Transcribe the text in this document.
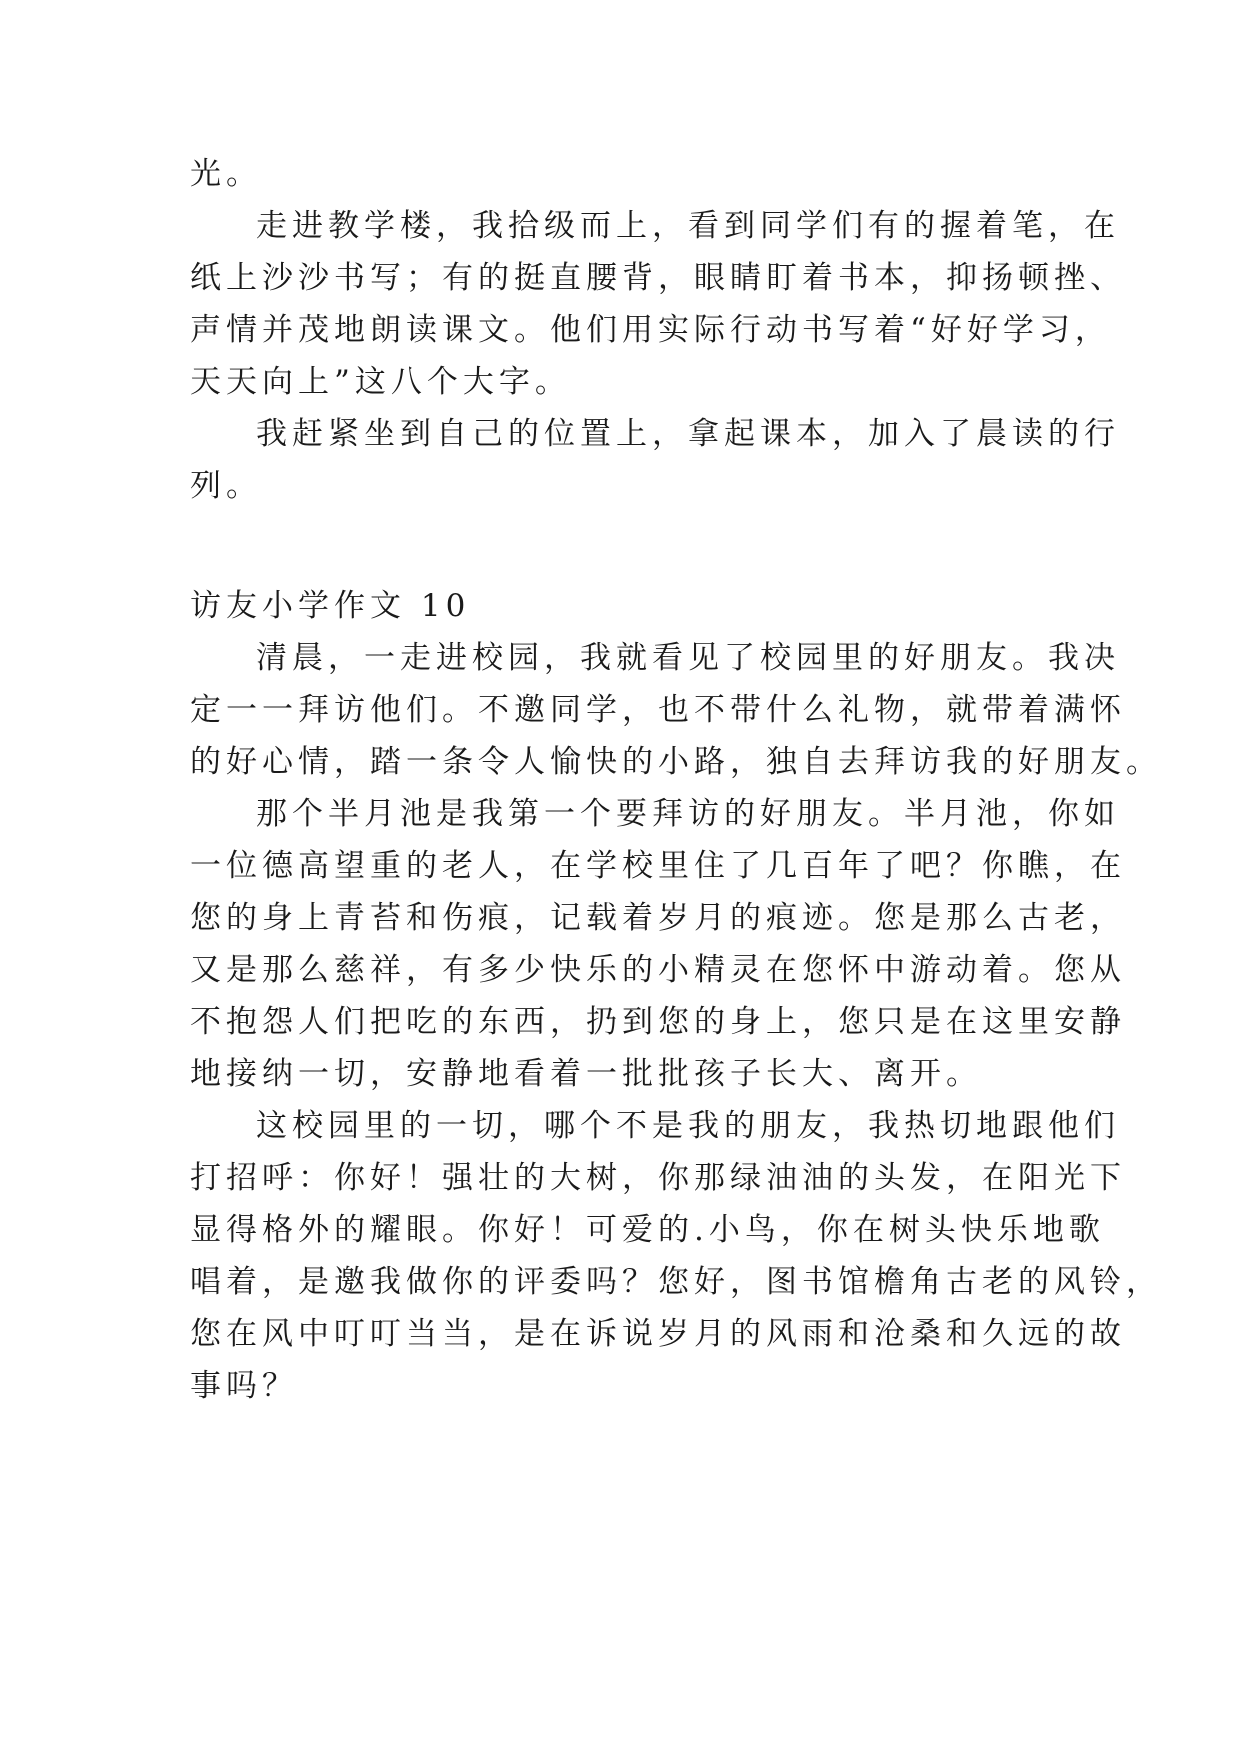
光。
走进教学楼，我拾级而上，看到同学们有的握着笔，在
纸上沙沙书写；有的挺直腰背，眼睛盯着书本，抑扬顿挫、
声情并茂地朗读课文。他们用实际行动书写着“好好学习，
天天向上”这八个大字。
我赶紧坐到自己的位置上，拿起课本，加入了晨读的行
列。
访友小学作文 10
清晨，一走进校园，我就看见了校园里的好朋友。我决
定一一拜访他们。不邀同学，也不带什么礼物，就带着满怀
的好心情，踏一条令人愉快的小路，独自去拜访我的好朋友。
那个半月池是我第一个要拜访的好朋友。半月池，你如
一位德高望重的老人，在学校里住了几百年了吧？你瞧，在
您的身上青苔和伤痕，记载着岁月的痕迹。您是那么古老，
又是那么慈祥，有多少快乐的小精灵在您怀中游动着。您从
不抱怨人们把吃的东西，扔到您的身上，您只是在这里安静
地接纳一切，安静地看着一批批孩子长大、离开。
这校园里的一切，哪个不是我的朋友，我热切地跟他们
打招呼：你好！强壮的大树，你那绿油油的头发，在阳光下
显得格外的耀眼。你好！可爱的.小鸟，你在树头快乐地歌
唱着，是邀我做你的评委吗？您好，图书馆檐角古老的风铃，
您在风中叮叮当当，是在诉说岁月的风雨和沧桑和久远的故
事吗？
